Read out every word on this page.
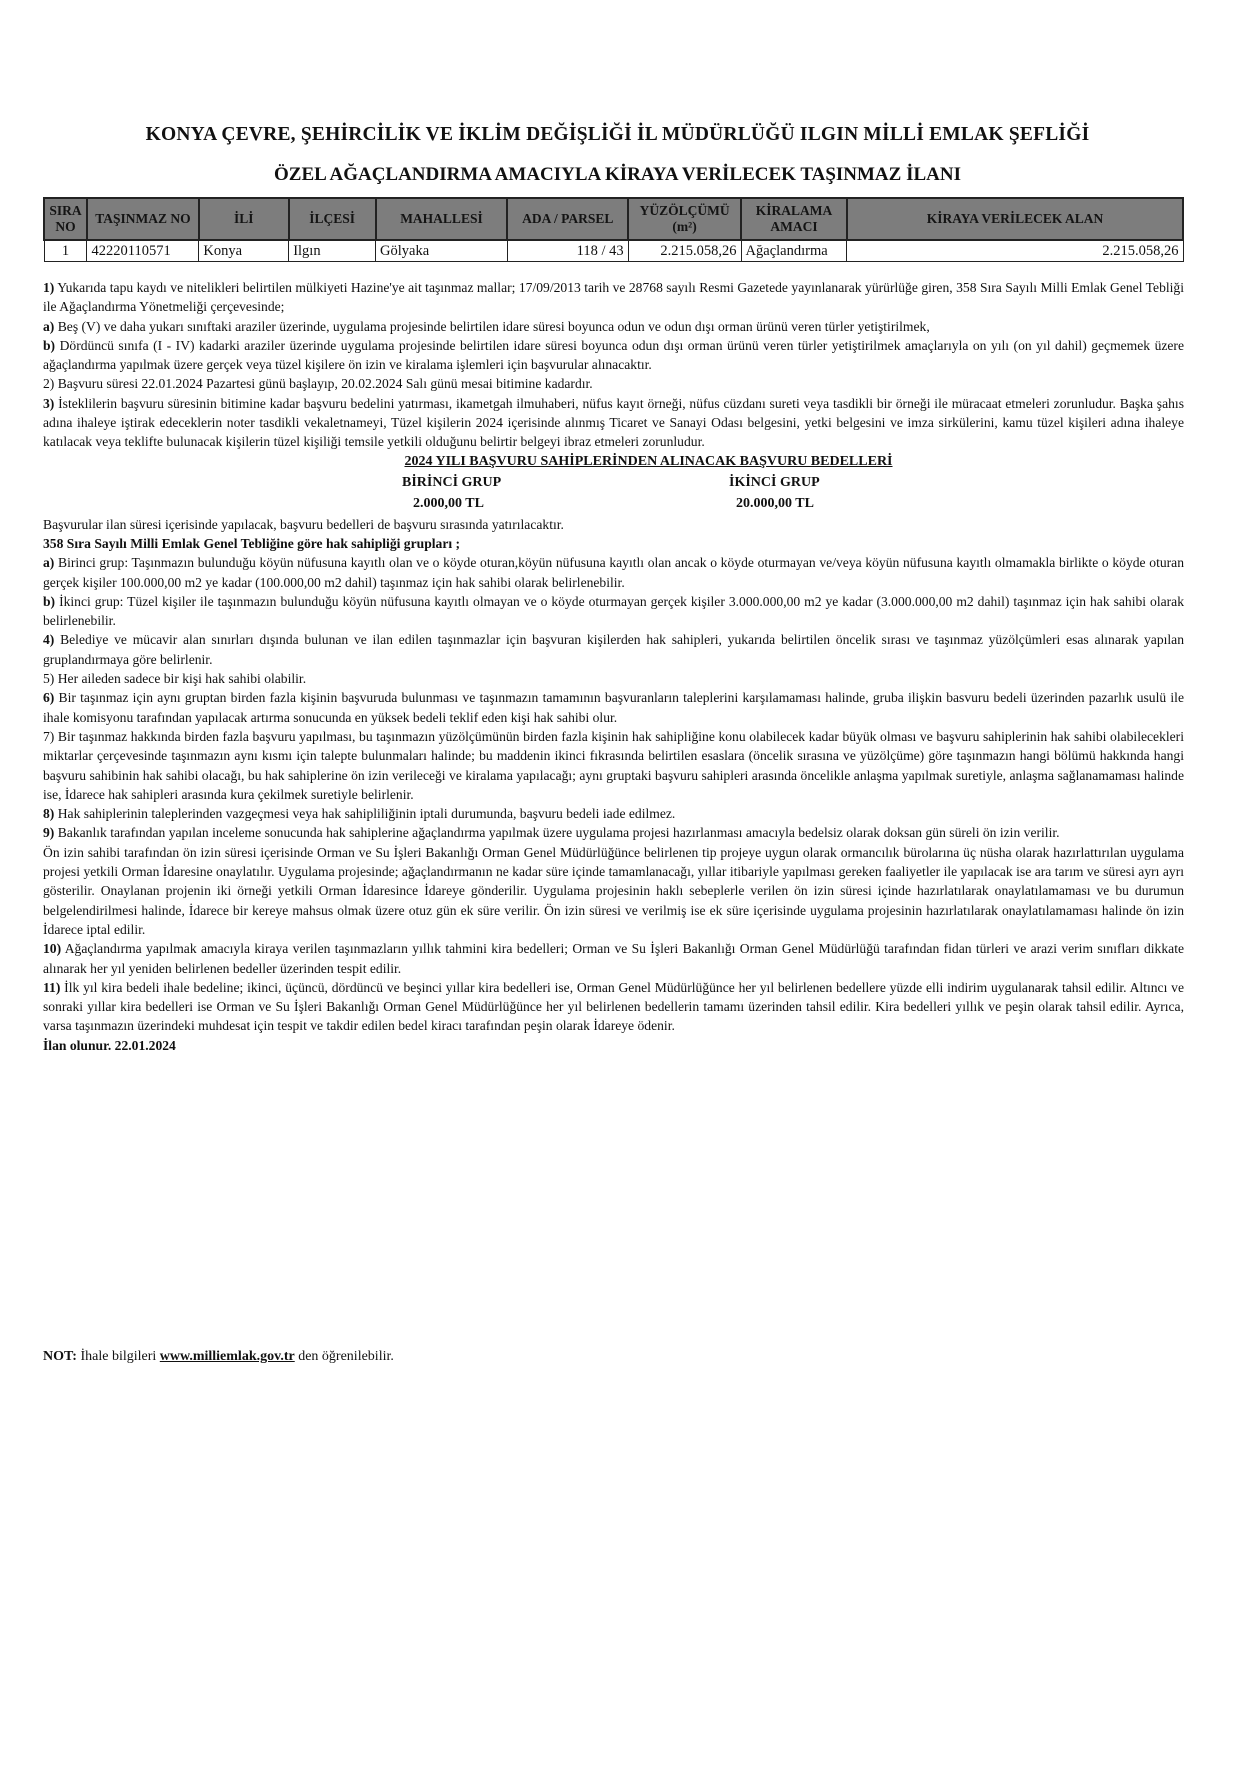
KONYA ÇEVRE, ŞEHİRCİLİK VE İKLİM DEĞİŞLİĞİ İL MÜDÜRLÜĞÜ ILGIN MİLLİ EMLAK ŞEFLİĞİ
ÖZEL AĞAÇLANDIRMA AMACIYLA KİRAYA VERİLECEK TAŞINMAZ İLANI
SIRA NO	TAŞINMAZ NO	İLİ	İLÇESİ	MAHALLESİ	ADA / PARSEL	YÜZÖLÇÜMÜ (m²)	KİRALAMA AMACI	KİRAYA VERİLECEK ALAN
1	42220110571	Konya	Ilgın	Gölyaka	118 / 43	2.215.058,26	Ağaçlandırma	2.215.058,26

1) Yukarıda tapu kaydı ve nitelikleri belirtilen mülkiyeti Hazine'ye ait taşınmaz mallar; 17/09/2013 tarih ve 28768 sayılı Resmi Gazetede yayınlanarak yürürlüğe giren, 358 Sıra Sayılı Milli Emlak Genel Tebliği ile Ağaçlandırma Yönetmeliği çerçevesinde;

a) Beş (V) ve daha yukarı sınıftaki araziler üzerinde, uygulama projesinde belirtilen idare süresi boyunca odun ve odun dışı orman ürünü veren türler yetiştirilmek,

b) Dördüncü sınıfa (I - IV) kadarki araziler üzerinde uygulama projesinde belirtilen idare süresi boyunca odun dışı orman ürünü veren türler yetiştirilmek amaçlarıyla on yılı (on yıl dahil) geçmemek üzere ağaçlandırma yapılmak üzere gerçek veya tüzel kişilere ön izin ve kiralama işlemleri için başvurular alınacaktır.

2) Başvuru süresi 22.01.2024 Pazartesi günü başlayıp, 20.02.2024 Salı günü mesai bitimine kadardır.

3) İsteklilerin başvuru süresinin bitimine kadar başvuru bedelini yatırması, ikametgah ilmuhaberi, nüfus kayıt örneği, nüfus cüzdanı sureti veya tasdikli bir örneği ile müracaat etmeleri zorunludur. Başka şahıs adına ihaleye iştirak edeceklerin noter tasdikli vekaletnameyi, Tüzel kişilerin 2024 içerisinde alınmış Ticaret ve Sanayi Odası belgesini, yetki belgesini ve imza sirkülerini, kamu tüzel kişileri adına ihaleye katılacak veya teklifte bulunacak kişilerin tüzel kişiliği temsile yetkili olduğunu belirtir belgeyi ibraz etmeleri zorunludur.

2024 YILI BAŞVURU SAHİPLERİNDEN ALINACAK BAŞVURU BEDELLERİ
BİRİNCİ GRUP	İKİNCİ GRUP
2.000,00 TL	20.000,00 TL

Başvurular ilan süresi içerisinde yapılacak, başvuru bedelleri de başvuru sırasında yatırılacaktır.

358 Sıra Sayılı Milli Emlak Genel Tebliğine göre hak sahipliği grupları ;

a) Birinci grup: Taşınmazın bulunduğu köyün nüfusuna kayıtlı olan ve o köyde oturan,köyün nüfusuna kayıtlı olan ancak o köyde oturmayan ve/veya köyün nüfusuna kayıtlı olmamakla birlikte o köyde oturan gerçek kişiler 100.000,00 m2 ye kadar (100.000,00 m2 dahil) taşınmaz için hak sahibi olarak belirlenebilir.

b) İkinci grup: Tüzel kişiler ile taşınmazın bulunduğu köyün nüfusuna kayıtlı olmayan ve o köyde oturmayan gerçek kişiler 3.000.000,00 m2 ye kadar (3.000.000,00 m2 dahil) taşınmaz için hak sahibi olarak belirlenebilir.

4) Belediye ve mücavir alan sınırları dışında bulunan ve ilan edilen taşınmazlar için başvuran kişilerden hak sahipleri, yukarıda belirtilen öncelik sırası ve taşınmaz yüzölçümleri esas alınarak yapılan gruplandırmaya göre belirlenir.

5) Her aileden sadece bir kişi hak sahibi olabilir.

6) Bir taşınmaz için aynı gruptan birden fazla kişinin başvuruda bulunması ve taşınmazın tamamının başvuranların taleplerini karşılamaması halinde, gruba ilişkin basvuru bedeli üzerinden pazarlık usulü ile ihale komisyonu tarafından yapılacak artırma sonucunda en yüksek bedeli teklif eden kişi hak sahibi olur.

7) Bir taşınmaz hakkında birden fazla başvuru yapılması, bu taşınmazın yüzölçümünün birden fazla kişinin hak sahipliğine konu olabilecek kadar büyük olması ve başvuru sahiplerinin hak sahibi olabilecekleri miktarlar çerçevesinde taşınmazın aynı kısmı için talepte bulunmaları halinde; bu maddenin ikinci fıkrasında belirtilen esaslara (öncelik sırasına ve yüzölçüme) göre taşınmazın hangi bölümü hakkında hangi başvuru sahibinin hak sahibi olacağı, bu hak sahiplerine ön izin verileceği ve kiralama yapılacağı; aynı gruptaki başvuru sahipleri arasında öncelikle anlaşma yapılmak suretiyle, anlaşma sağlanamaması halinde ise, İdarece hak sahipleri arasında kura çekilmek suretiyle belirlenir.

8) Hak sahiplerinin taleplerinden vazgeçmesi veya hak sahipliliğinin iptali durumunda, başvuru bedeli iade edilmez.

9) Bakanlık tarafından yapılan inceleme sonucunda hak sahiplerine ağaçlandırma yapılmak üzere uygulama projesi hazırlanması amacıyla bedelsiz olarak doksan gün süreli ön izin verilir.

Ön izin sahibi tarafından ön izin süresi içerisinde Orman ve Su İşleri Bakanlığı Orman Genel Müdürlüğünce belirlenen tip projeye uygun olarak ormancılık bürolarına üç nüsha olarak hazırlattırılan uygulama projesi yetkili Orman İdaresine onaylatılır. Uygulama projesinde; ağaçlandırmanın ne kadar süre içinde tamamlanacağı, yıllar itibariyle yapılması gereken faaliyetler ile yapılacak ise ara tarım ve süresi ayrı ayrı gösterilir. Onaylanan projenin iki örneği yetkili Orman İdaresince İdareye gönderilir. Uygulama projesinin haklı sebeplerle verilen ön izin süresi içinde hazırlatılarak onaylatılamaması ve bu durumun belgelendirilmesi halinde, İdarece bir kereye mahsus olmak üzere otuz gün ek süre verilir. Ön izin süresi ve verilmiş ise ek süre içerisinde uygulama projesinin hazırlatılarak onaylatılamaması halinde ön izin İdarece iptal edilir.

10) Ağaçlandırma yapılmak amacıyla kiraya verilen taşınmazların yıllık tahmini kira bedelleri; Orman ve Su İşleri Bakanlığı Orman Genel Müdürlüğü tarafından fidan türleri ve arazi verim sınıfları dikkate alınarak her yıl yeniden belirlenen bedeller üzerinden tespit edilir.

11) İlk yıl kira bedeli ihale bedeline; ikinci, üçüncü, dördüncü ve beşinci yıllar kira bedelleri ise, Orman Genel Müdürlüğünce her yıl belirlenen bedellere yüzde elli indirim uygulanarak tahsil edilir. Altıncı ve sonraki yıllar kira bedelleri ise Orman ve Su İşleri Bakanlığı Orman Genel Müdürlüğünce her yıl belirlenen bedellerin tamamı üzerinden tahsil edilir. Kira bedelleri yıllık ve peşin olarak tahsil edilir. Ayrıca, varsa taşınmazın üzerindeki muhdesat için tespit ve takdir edilen bedel kiracı tarafından peşin olarak İdareye ödenir.

İlan olunur. 22.01.2024

NOT: İhale bilgileri www.milliemlak.gov.tr den öğrenilebilir.
